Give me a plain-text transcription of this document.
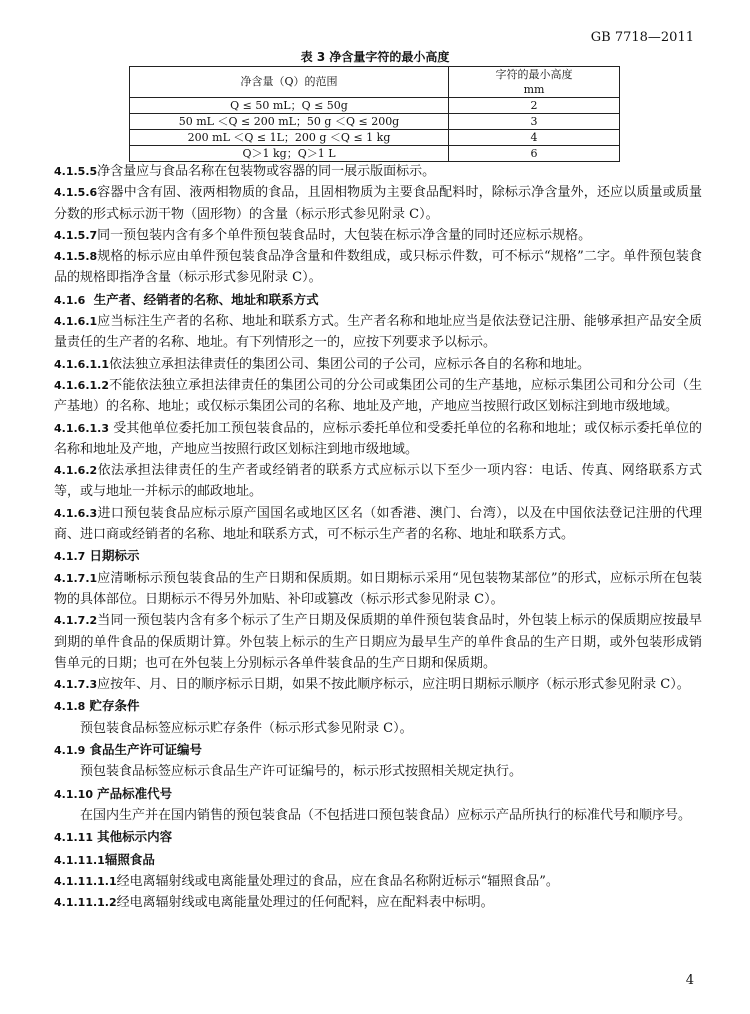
GB 7718—2011
表 3 净含量字符的最小高度
净含量（Q）的范围	字符的最小高度
mm

Q ≤ 50 mL；Q ≤ 50g	2
50 mL ＜Q ≤ 200 mL；50 g ＜Q ≤ 200g	3
200 mL ＜Q ≤ 1L；200 g ＜Q ≤ 1 kg	4
Q＞1 kg；Q＞1 L	6

4.1.5.5净含量应与食品名称在包装物或容器的同一展示版面标示。

4.1.5.6容器中含有固、液两相物质的食品，且固相物质为主要食品配料时，除标示净含量外，还应以质量或质量分数的形式标示沥干物（固形物）的含量（标示形式参见附录 C）。

4.1.5.7同一预包装内含有多个单件预包装食品时，大包装在标示净含量的同时还应标示规格。

4.1.5.8规格的标示应由单件预包装食品净含量和件数组成，或只标示件数，可不标示“规格”二字。单件预包装食品的规格即指净含量（标示形式参见附录 C）。

4.1.6 生产者、经销者的名称、地址和联系方式

4.1.6.1应当标注生产者的名称、地址和联系方式。生产者名称和地址应当是依法登记注册、能够承担产品安全质量责任的生产者的名称、地址。有下列情形之一的，应按下列要求予以标示。

4.1.6.1.1依法独立承担法律责任的集团公司、集团公司的子公司，应标示各自的名称和地址。

4.1.6.1.2不能依法独立承担法律责任的集团公司的分公司或集团公司的生产基地，应标示集团公司和分公司（生产基地）的名称、地址；或仅标示集团公司的名称、地址及产地，产地应当按照行政区划标注到地市级地域。

4.1.6.1.3 受其他单位委托加工预包装食品的，应标示委托单位和受委托单位的名称和地址；或仅标示委托单位的名称和地址及产地，产地应当按照行政区划标注到地市级地域。

4.1.6.2依法承担法律责任的生产者或经销者的联系方式应标示以下至少一项内容：电话、传真、网络联系方式等，或与地址一并标示的邮政地址。

4.1.6.3进口预包装食品应标示原产国国名或地区区名（如香港、澳门、台湾），以及在中国依法登记注册的代理商、进口商或经销者的名称、地址和联系方式，可不标示生产者的名称、地址和联系方式。

4.1.7 日期标示

4.1.7.1应清晰标示预包装食品的生产日期和保质期。如日期标示采用“见包装物某部位”的形式，应标示所在包装物的具体部位。日期标示不得另外加贴、补印或篡改（标示形式参见附录 C）。

4.1.7.2当同一预包装内含有多个标示了生产日期及保质期的单件预包装食品时，外包装上标示的保质期应按最早到期的单件食品的保质期计算。外包装上标示的生产日期应为最早生产的单件食品的生产日期，或外包装形成销售单元的日期；也可在外包装上分别标示各单件装食品的生产日期和保质期。

4.1.7.3应按年、月、日的顺序标示日期，如果不按此顺序标示，应注明日期标示顺序（标示形式参见附录 C）。

4.1.8 贮存条件

预包装食品标签应标示贮存条件（标示形式参见附录 C）。

4.1.9 食品生产许可证编号

预包装食品标签应标示食品生产许可证编号的，标示形式按照相关规定执行。

4.1.10 产品标准代号

在国内生产并在国内销售的预包装食品（不包括进口预包装食品）应标示产品所执行的标准代号和顺序号。

4.1.11 其他标示内容

4.1.11.1辐照食品

4.1.11.1.1经电离辐射线或电离能量处理过的食品，应在食品名称附近标示“辐照食品”。

4.1.11.1.2经电离辐射线或电离能量处理过的任何配料，应在配料表中标明。

4
